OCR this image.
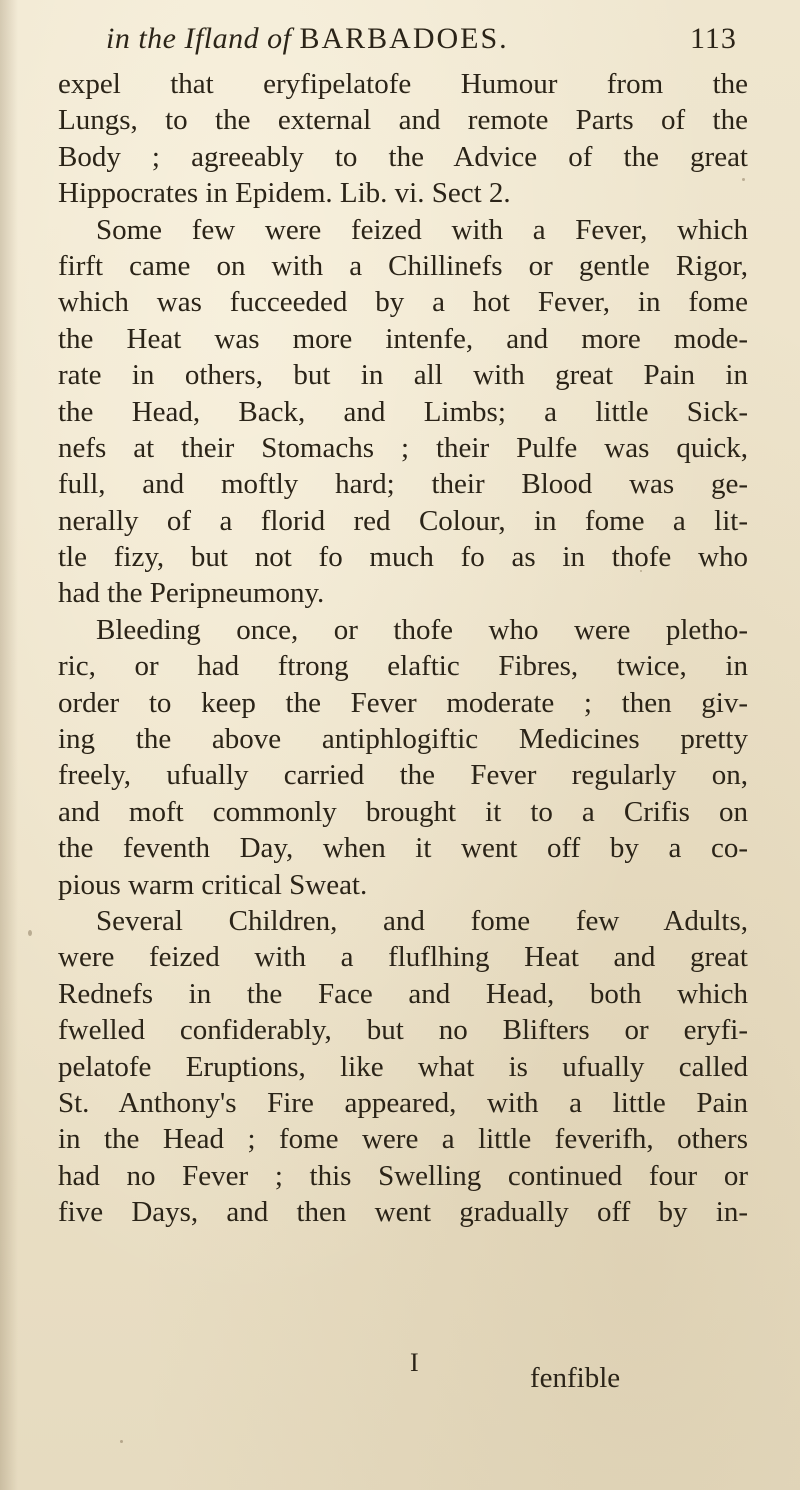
in the Ifland of BARBADOES.	113
expel that eryfipelatofe Humour from the
Lungs, to the external and remote Parts of the
Body ; agreeably to the Advice of the great
Hippocrates in Epidem. Lib. vi. Sect 2.
Some few were feized with a Fever, which
firft came on with a Chillinefs or gentle Rigor,
which was fucceeded by a hot Fever, in fome
the Heat was more intenfe, and more mode-
rate in others, but in all with great Pain in
the Head, Back, and Limbs; a little Sick-
nefs at their Stomachs ; their Pulfe was quick,
full, and moftly hard; their Blood was ge-
nerally of a florid red Colour, in fome a lit-
tle fizy, but not fo much fo as in thofe who
had the Peripneumony.
Bleeding once, or thofe who were pletho-
ric, or had ftrong elaftic Fibres, twice, in
order to keep the Fever moderate ; then giv-
ing the above antiphlogiftic Medicines pretty
freely, ufually carried the Fever regularly on,
and moft commonly brought it to a Crifis on
the feventh Day, when it went off by a co-
pious warm critical Sweat.
Several Children, and fome few Adults,
were feized with a fluflhing Heat and great
Rednefs in the Face and Head, both which
fwelled confiderably, but no Blifters or eryfi-
pelatofe Eruptions, like what is ufually called
St. Anthony's Fire appeared, with a little Pain
in the Head ; fome were a little feverifh, others
had no Fever ; this Swelling continued four or
five Days, and then went gradually off by in-
I	fenfible
